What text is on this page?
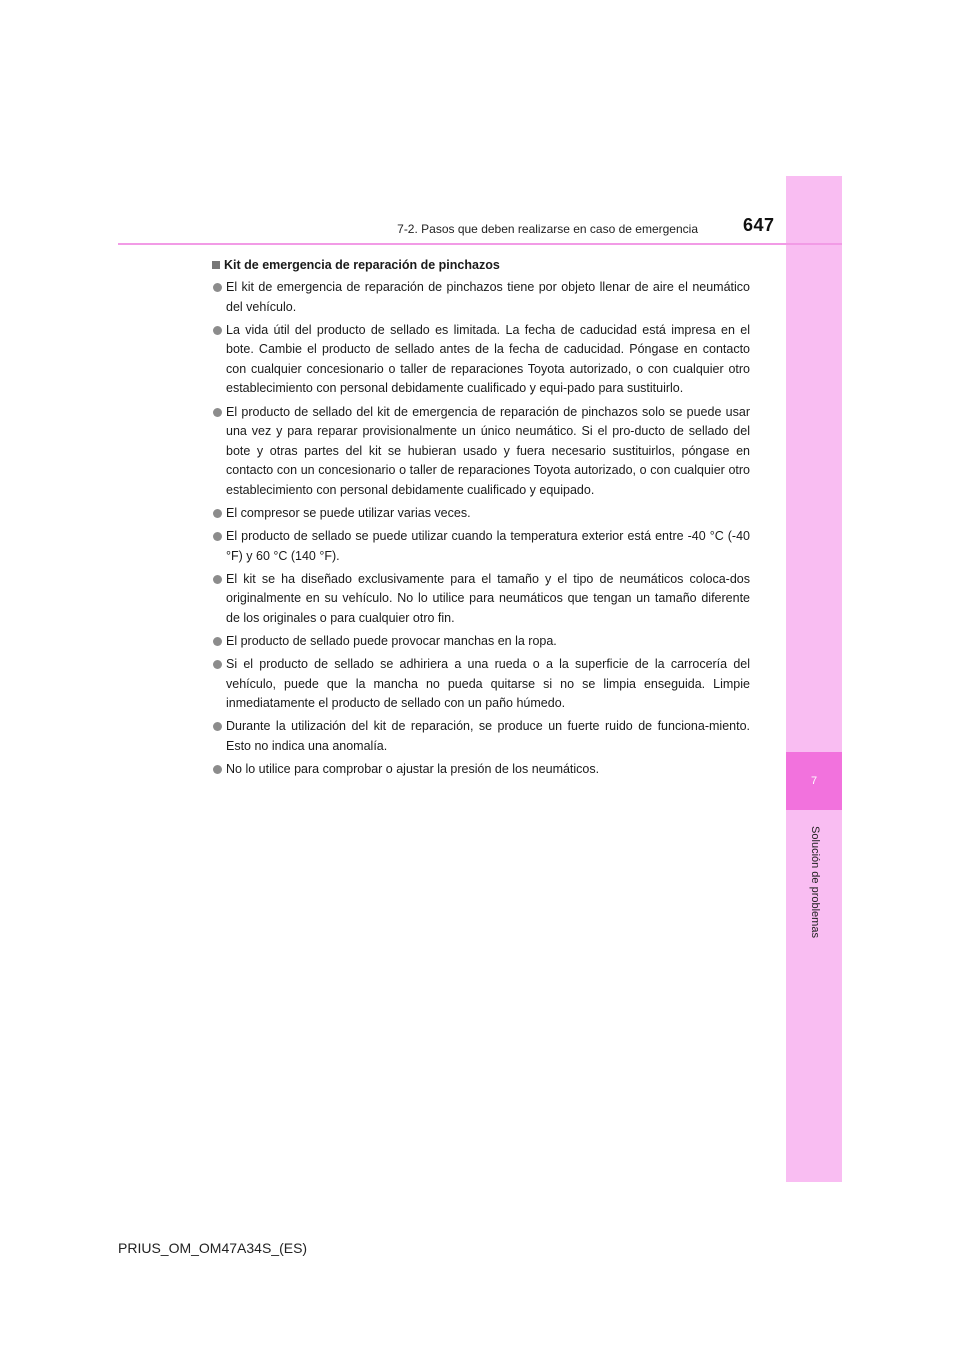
7
Solución de problemas
7-2. Pasos que deben realizarse en caso de emergencia	647
Kit de emergencia de reparación de pinchazos
El kit de emergencia de reparación de pinchazos tiene por objeto llenar de aire el neumático del vehículo.
La vida útil del producto de sellado es limitada. La fecha de caducidad está impresa en el bote. Cambie el producto de sellado antes de la fecha de caducidad. Póngase en contacto con cualquier concesionario o taller de reparaciones Toyota autorizado, o con cualquier otro establecimiento con personal debidamente cualificado y equi-pado para sustituirlo.
El producto de sellado del kit de emergencia de reparación de pinchazos solo se puede usar una vez y para reparar provisionalmente un único neumático. Si el pro-ducto de sellado del bote y otras partes del kit se hubieran usado y fuera necesario sustituirlos, póngase en contacto con un concesionario o taller de reparaciones Toyota autorizado, o con cualquier otro establecimiento con personal debidamente cualificado y equipado.
El compresor se puede utilizar varias veces.
El producto de sellado se puede utilizar cuando la temperatura exterior está entre -40 °C (-40 °F) y 60 °C (140 °F).
El kit se ha diseñado exclusivamente para el tamaño y el tipo de neumáticos coloca-dos originalmente en su vehículo. No lo utilice para neumáticos que tengan un tamaño diferente de los originales o para cualquier otro fin.
El producto de sellado puede provocar manchas en la ropa.
Si el producto de sellado se adhiriera a una rueda o a la superficie de la carrocería del vehículo, puede que la mancha no pueda quitarse si no se limpia enseguida. Limpie inmediatamente el producto de sellado con un paño húmedo.
Durante la utilización del kit de reparación, se produce un fuerte ruido de funciona-miento. Esto no indica una anomalía.
No lo utilice para comprobar o ajustar la presión de los neumáticos.
PRIUS_OM_OM47A34S_(ES)
